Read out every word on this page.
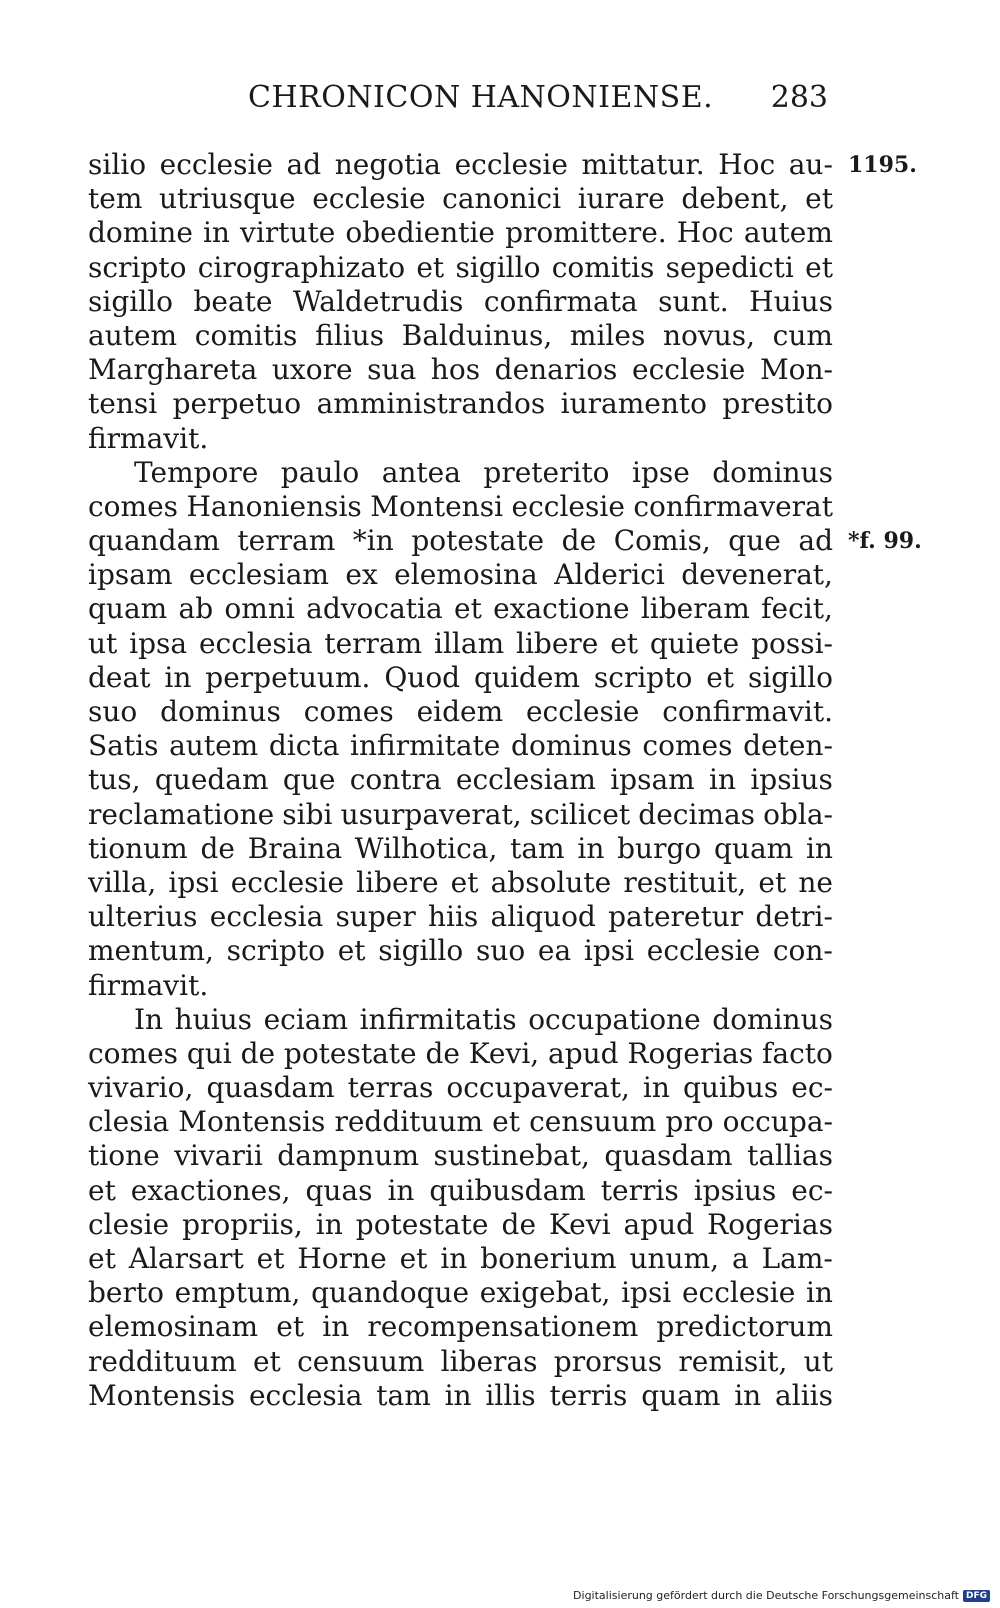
CHRONICON HANONIENSE. 283
1195.
*f. 99.
silio ecclesie ad negotia ecclesie mittatur. Hoc au-
tem utriusque ecclesie canonici iurare debent, et
domine in virtute obedientie promittere. Hoc autem
scripto cirographizato et sigillo comitis sepedicti et
sigillo beate Waldetrudis confirmata sunt. Huius
autem comitis filius Balduinus, miles novus, cum
Marghareta uxore sua hos denarios ecclesie Mon-
tensi perpetuo amministrandos iuramento prestito
firmavit.
Tempore paulo antea preterito ipse dominus
comes Hanoniensis Montensi ecclesie confirmaverat
quandam terram *in potestate de Comis, que ad
ipsam ecclesiam ex elemosina Alderici devenerat,
quam ab omni advocatia et exactione liberam fecit,
ut ipsa ecclesia terram illam libere et quiete possi-
deat in perpetuum. Quod quidem scripto et sigillo
suo dominus comes eidem ecclesie confirmavit.
Satis autem dicta infirmitate dominus comes deten-
tus, quedam que contra ecclesiam ipsam in ipsius
reclamatione sibi usurpaverat, scilicet decimas obla-
tionum de Braina Wilhotica, tam in burgo quam in
villa, ipsi ecclesie libere et absolute restituit, et ne
ulterius ecclesia super hiis aliquod pateretur detri-
mentum, scripto et sigillo suo ea ipsi ecclesie con-
firmavit.
In huius eciam infirmitatis occupatione dominus
comes qui de potestate de Kevi, apud Rogerias facto
vivario, quasdam terras occupaverat, in quibus ec-
clesia Montensis reddituum et censuum pro occupa-
tione vivarii dampnum sustinebat, quasdam tallias
et exactiones, quas in quibusdam terris ipsius ec-
clesie propriis, in potestate de Kevi apud Rogerias
et Alarsart et Horne et in bonerium unum, a Lam-
berto emptum, quandoque exigebat, ipsi ecclesie in
elemosinam et in recompensationem predictorum
reddituum et censuum liberas prorsus remisit, ut
Montensis ecclesia tam in illis terris quam in aliis
Digitalisierung gefördert durch die Deutsche Forschungsgemeinschaft DFG
